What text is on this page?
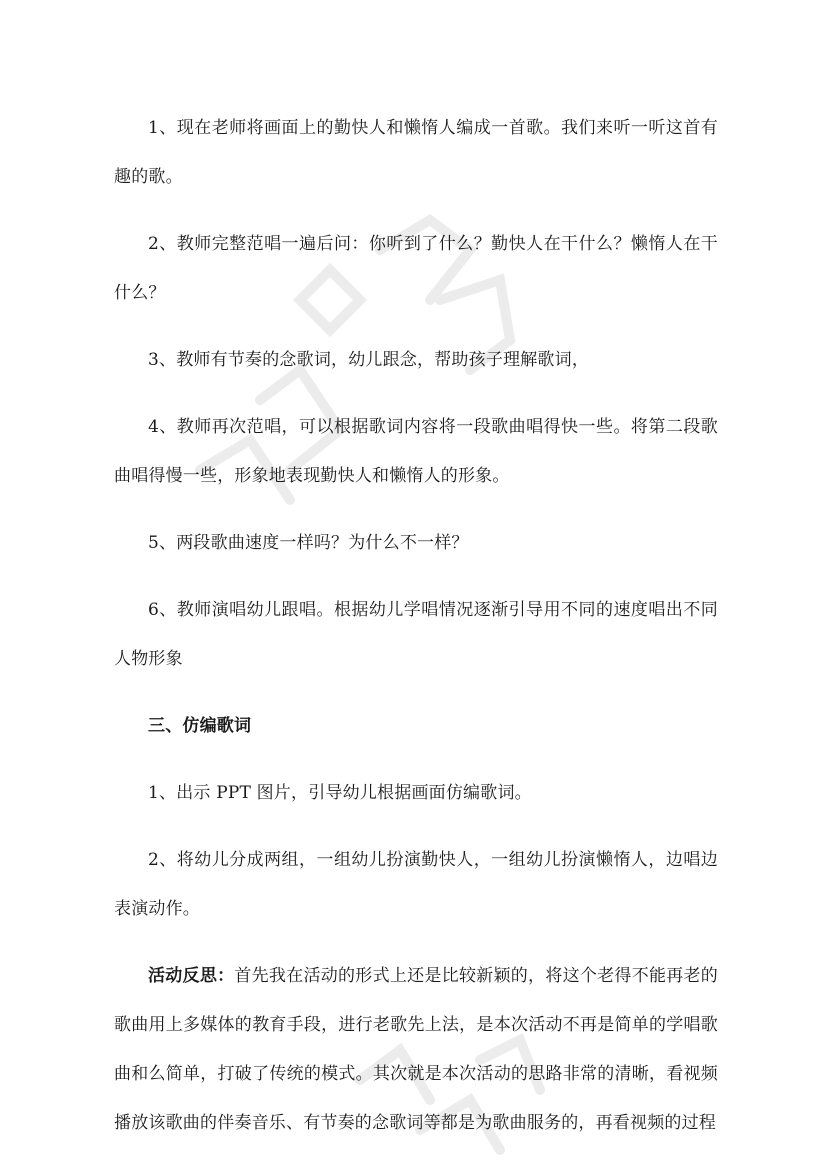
1、现在老师将画面上的勤快人和懒惰人编成一首歌。我们来听一听这首有趣的歌。

2、教师完整范唱一遍后问：你听到了什么？勤快人在干什么？懒惰人在干什么？

3、教师有节奏的念歌词，幼儿跟念，帮助孩子理解歌词，

4、教师再次范唱，可以根据歌词内容将一段歌曲唱得快一些。将第二段歌曲唱得慢一些，形象地表现勤快人和懒惰人的形象。

5、两段歌曲速度一样吗？为什么不一样？

6、教师演唱幼儿跟唱。根据幼儿学唱情况逐渐引导用不同的速度唱出不同人物形象

三、仿编歌词

1、出示 PPT 图片，引导幼儿根据画面仿编歌词。

2、将幼儿分成两组，一组幼儿扮演勤快人，一组幼儿扮演懒惰人，边唱边表演动作。

活动反思：首先我在活动的形式上还是比较新颖的，将这个老得不能再老的歌曲用上多媒体的教育手段，进行老歌先上法，是本次活动不再是简单的学唱歌曲和么简单，打破了传统的模式。其次就是本次活动的思路非常的清晰，看视频播放该歌曲的伴奏音乐、有节奏的念歌词等都是为歌曲服务的，再看视频的过程
